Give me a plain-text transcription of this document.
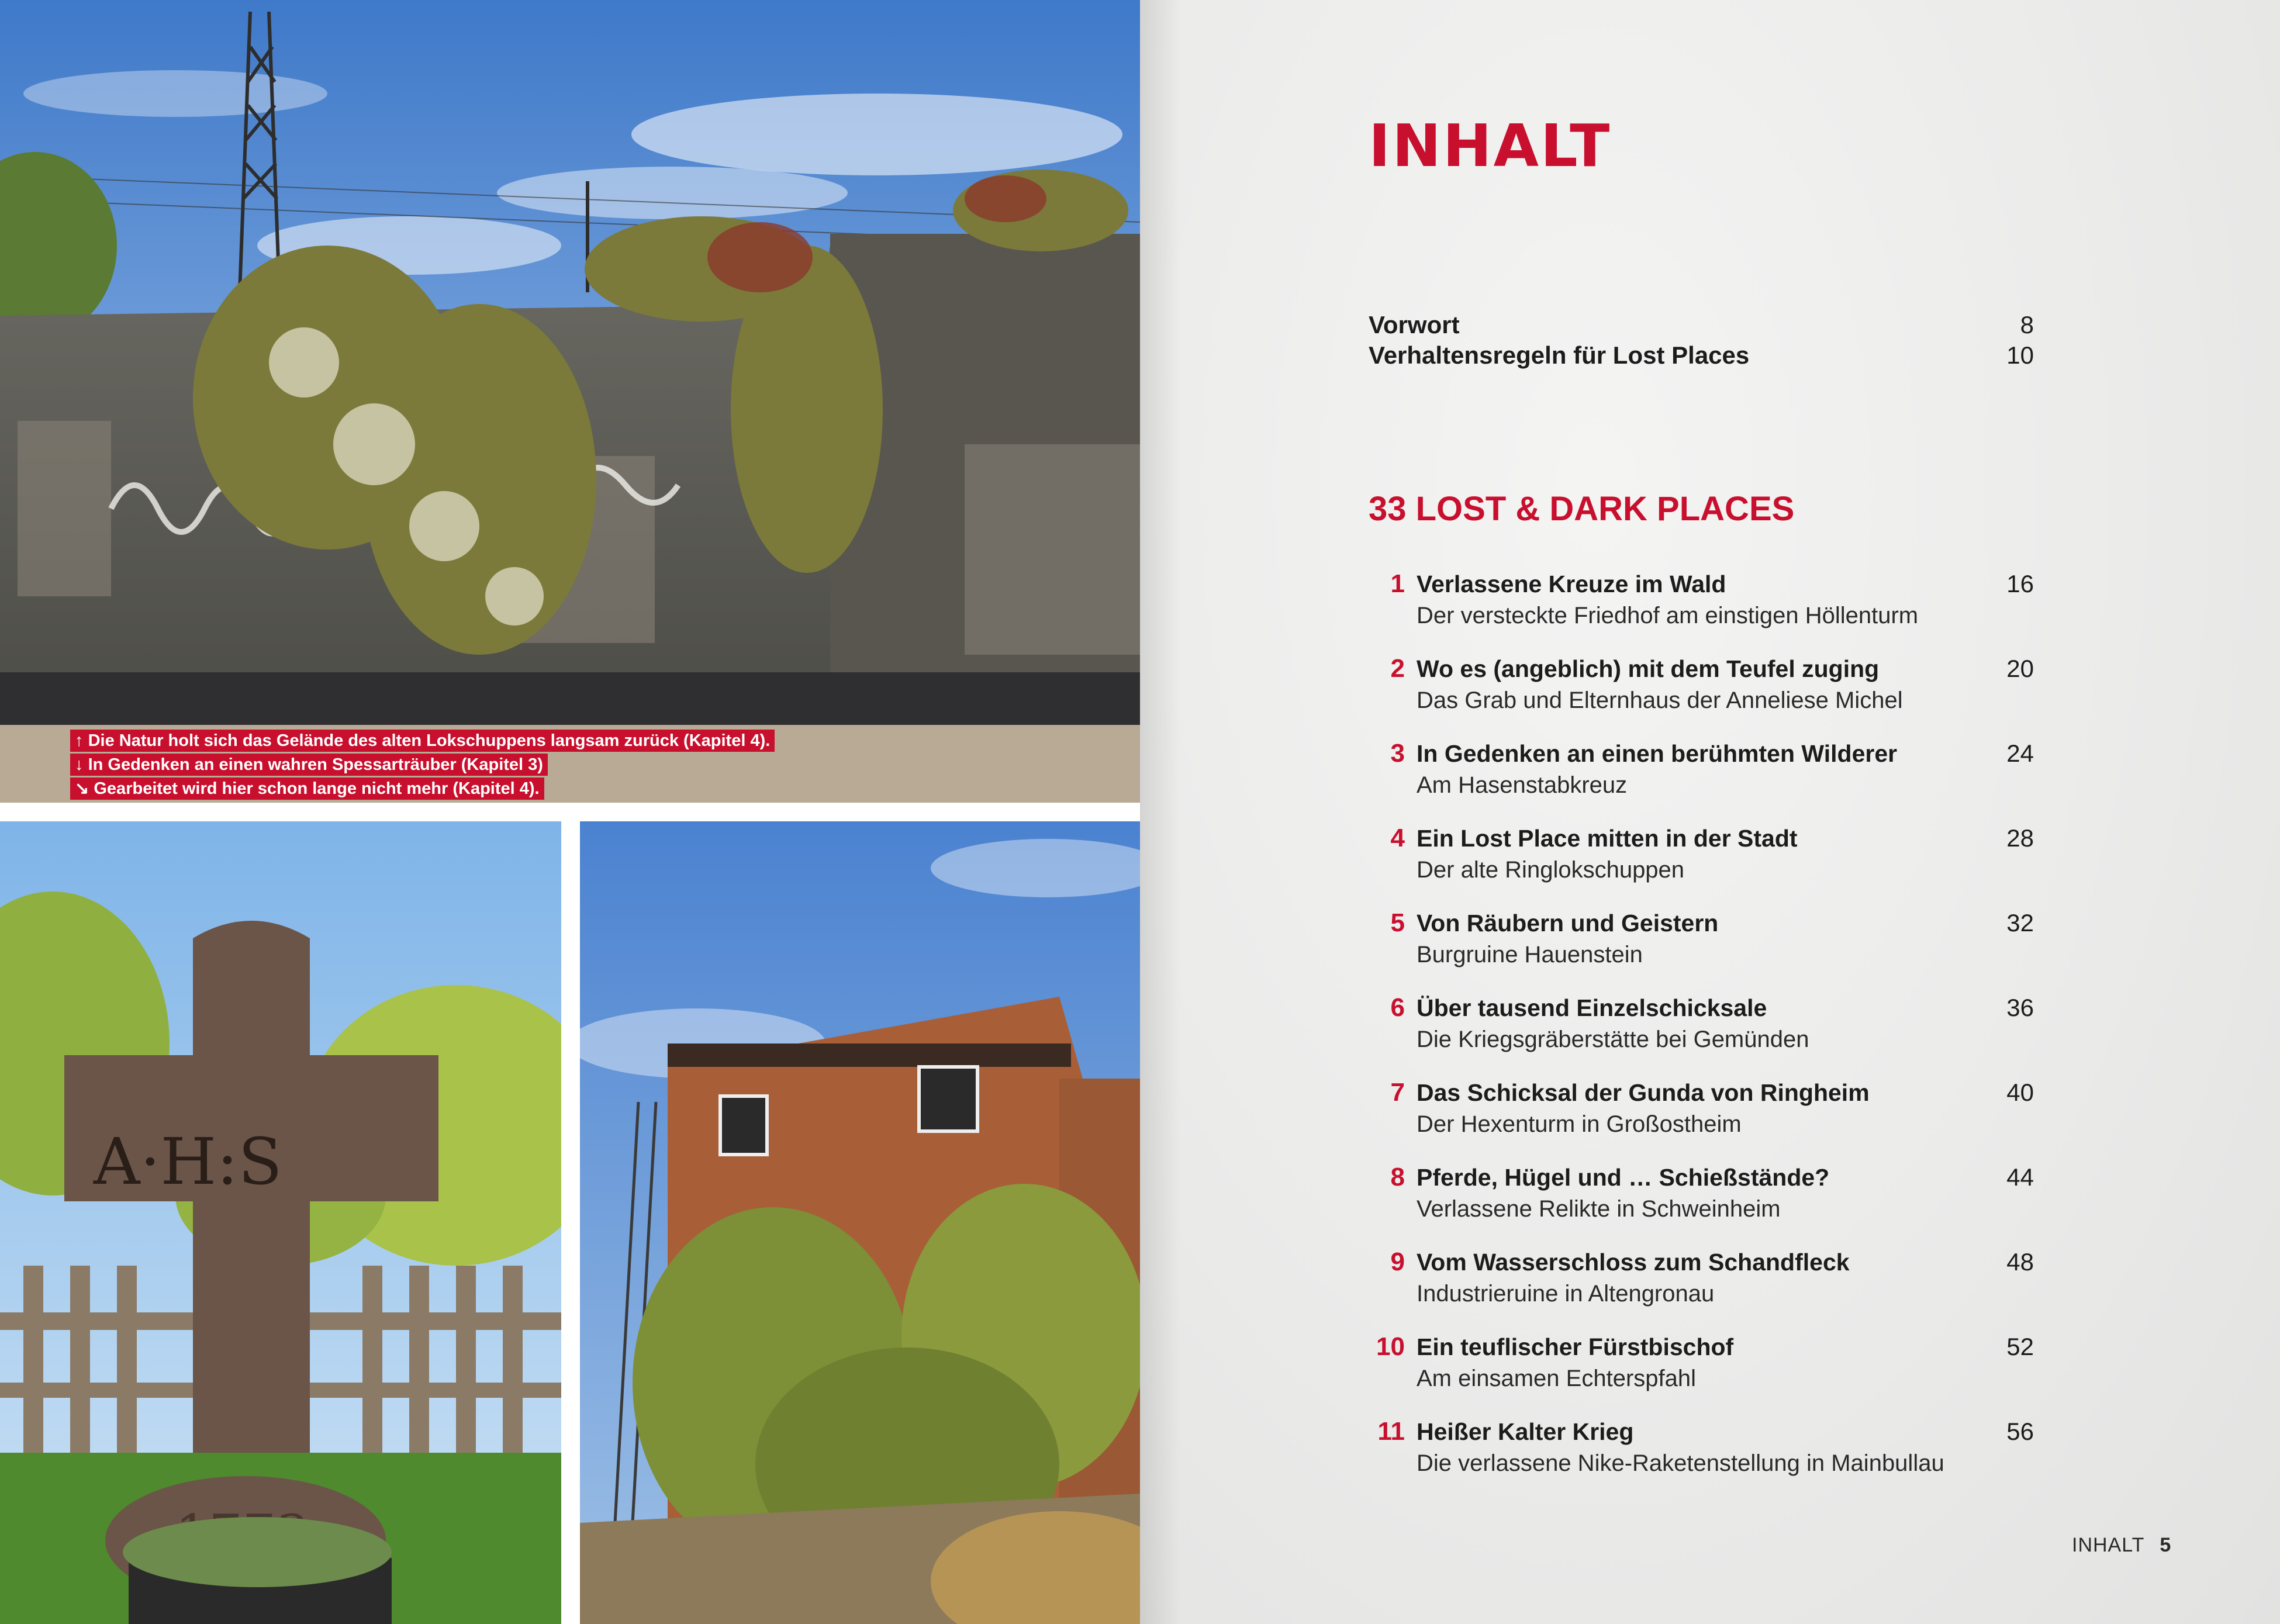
A·H:S
↑ Die Natur holt sich das Gelände des alten Lokschuppens langsam zurück (Kapitel 4).
↓ In Gedenken an einen wahren Spessarträuber (Kapitel 3)
↘ Gearbeitet wird hier schon lange nicht mehr (Kapitel 4).
INHALT
Vorwort	8
Verhaltensregeln für Lost Places	10
33 LOST & DARK PLACES
1 Verlassene Kreuze im Wald
Der versteckte Friedhof am einstigen Höllenturm
16
2 Wo es (angeblich) mit dem Teufel zuging
Das Grab und Elternhaus der Anneliese Michel
20
3 In Gedenken an einen berühmten Wilderer
Am Hasenstabkreuz
24
4 Ein Lost Place mitten in der Stadt
Der alte Ringlokschuppen
28
5 Von Räubern und Geistern
Burgruine Hauenstein
32
6 Über tausend Einzelschicksale
Die Kriegsgräberstätte bei Gemünden
36
7 Das Schicksal der Gunda von Ringheim
Der Hexenturm in Großostheim
40
8 Pferde, Hügel und … Schießstände?
Verlassene Relikte in Schweinheim
44
9 Vom Wasserschloss zum Schandfleck
Industrieruine in Altengronau
48
10 Ein teuflischer Fürstbischof
Am einsamen Echterspfahl
52
11 Heißer Kalter Krieg
Die verlassene Nike-Raketenstellung in Mainbullau
56
INHALT 5
